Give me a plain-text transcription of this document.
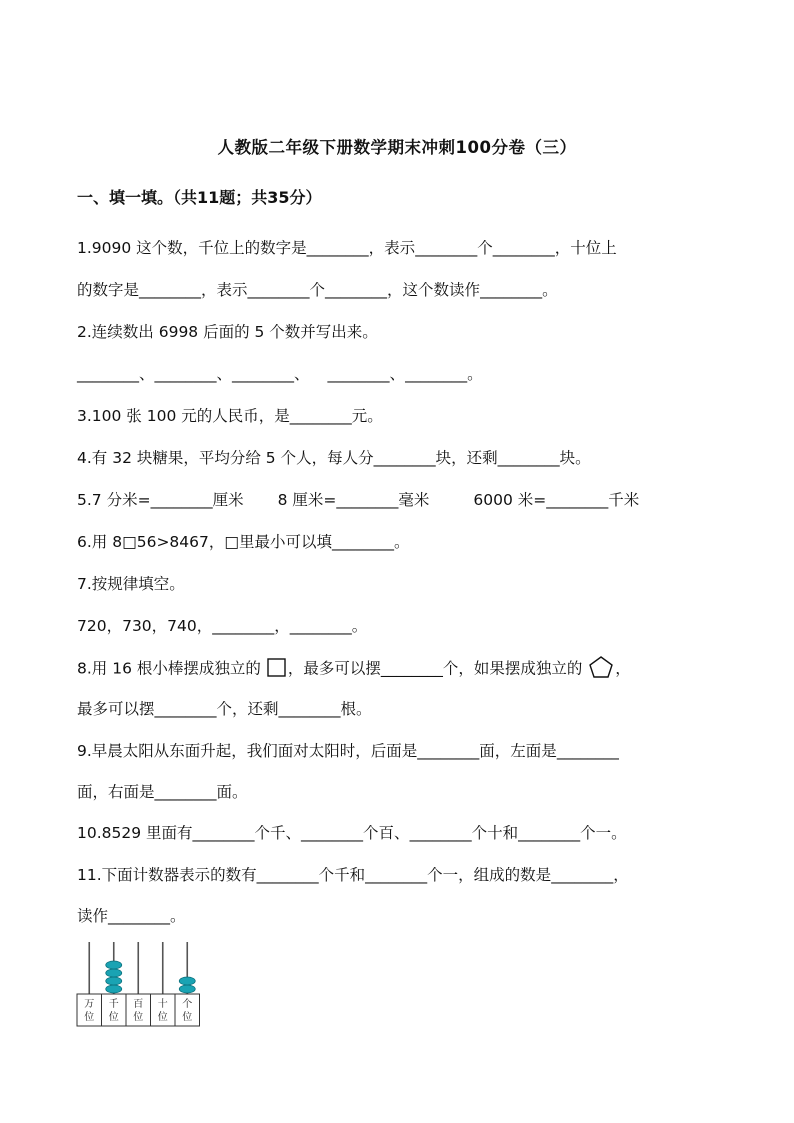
人教版二年级下册数学期末冲刺100分卷（三）
一、填一填。（共11题；共35分）
1.9090 这个数，千位上的数字是________，表示________个________，十位上
的数字是________，表示________个________，这个数读作________。
2.连续数出 6998 后面的 5 个数并写出来。
________、________、________、 ________、________。
3.100 张 100 元的人民币，是________元。
4.有 32 块糖果，平均分给 5 个人，每人分________块，还剩________块。
5.7 分米=________厘米 8 厘米=________毫米	6000 米=________千米
6.用 8□56>8467，□里最小可以填________。
7.按规律填空。
720，730，740，________，________。
8.用 16 根小棒摆成独立的 ，最多可以摆________个，如果摆成独立的 ，
最多可以摆________个，还剩________根。
9.早晨太阳从东面升起，我们面对太阳时，后面是________面，左面是________
面，右面是________面。
10.8529 里面有________个千、________个百、________个十和________个一。
11.下面计数器表示的数有________个千和________个一，组成的数是________，
读作________。
万
位
千
位
百
位
十
位
个
位
